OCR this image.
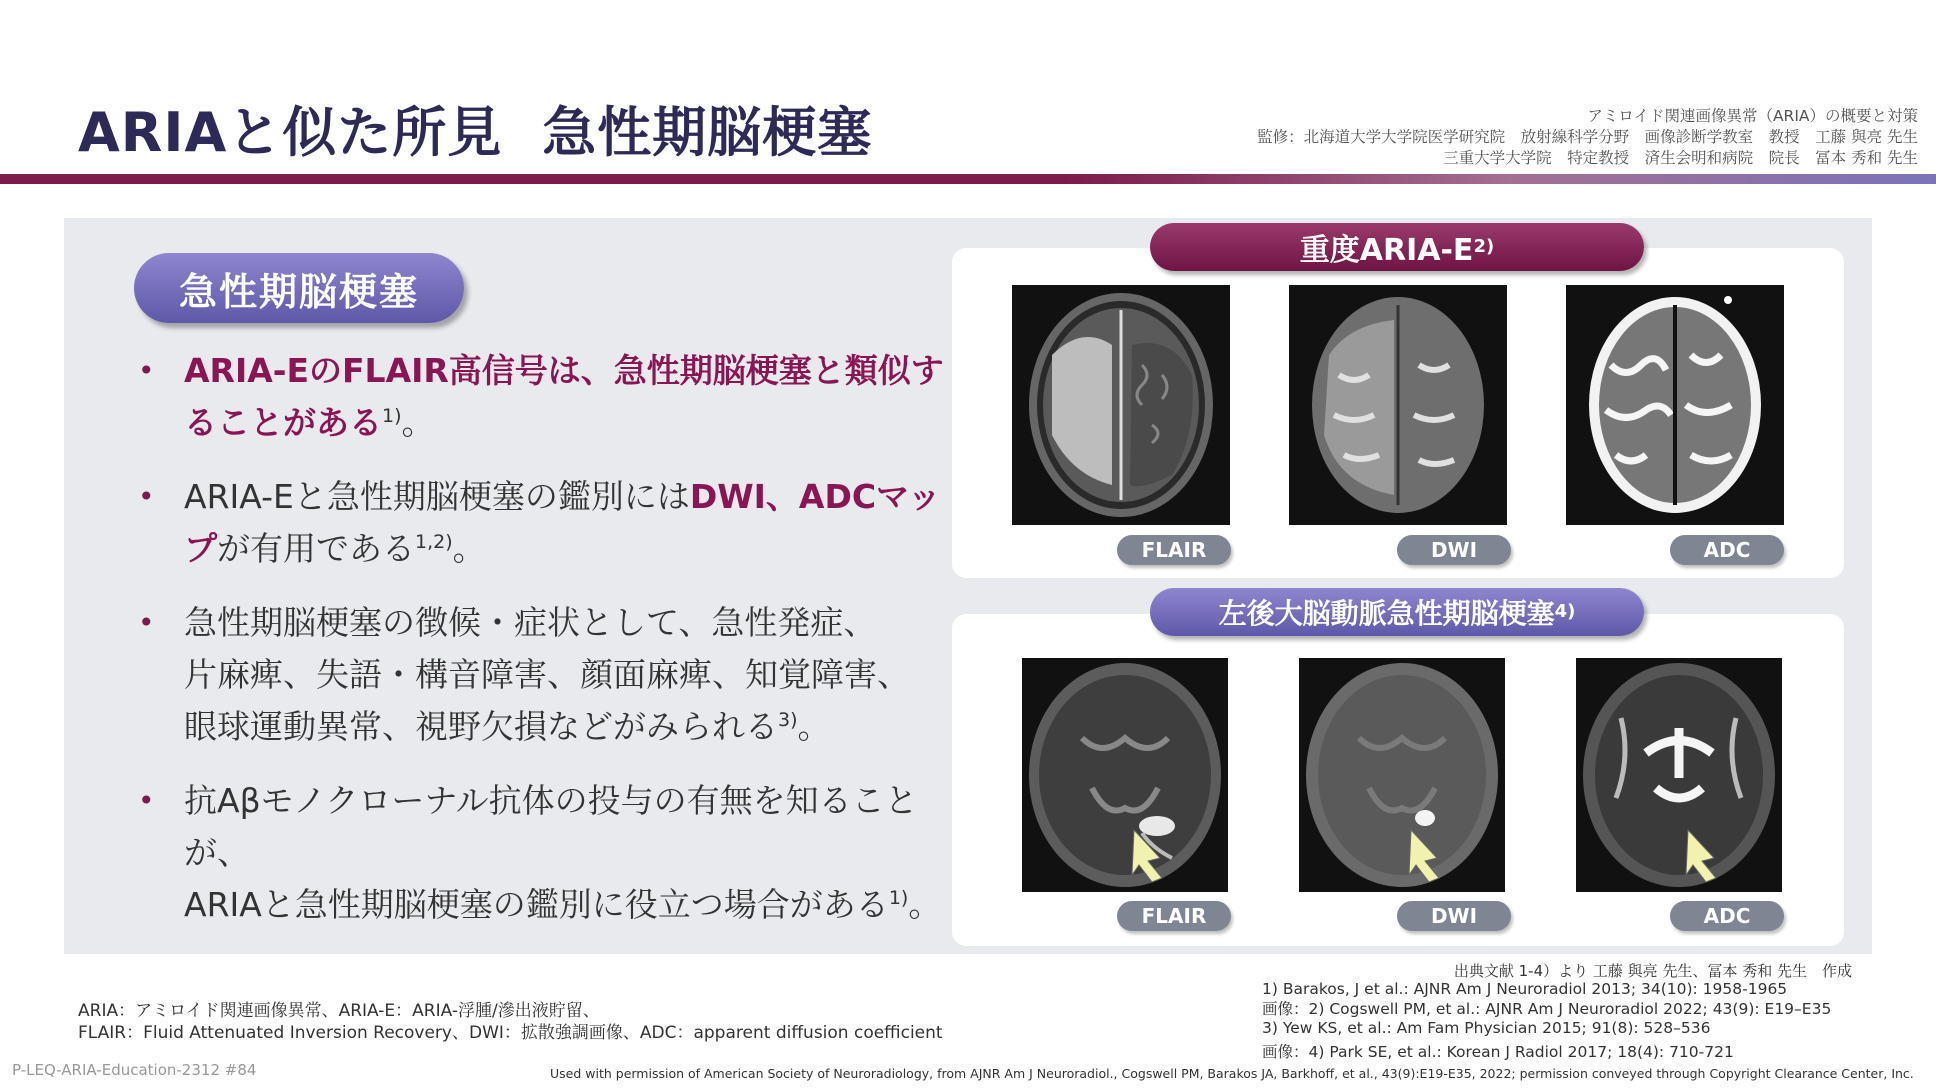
ARIAと似た所見 急性期脳梗塞	アミロイド関連画像異常（ARIA）の概要と対策
監修：北海道大学大学院医学研究院　放射線科学分野　画像診断学教室　教授　工藤 與亮 先生
三重大学大学院　特定教授　済生会明和病院　院長　冨本 秀和 先生
急性期脳梗塞
• ARIA-EのFLAIR高信号は、急性期脳梗塞と類似することがある$^{1)}$。
• ARIA-Eと急性期脳梗塞の鑑別にはDWI、ADCマップが有用である$^{1,2)}$。
• 急性期脳梗塞の徴候・症状として、急性発症、
片麻痺、失語・構音障害、顔面麻痺、知覚障害、
眼球運動異常、視野欠損などがみられる$^{3)}$。
• 抗Aβモノクローナル抗体の投与の有無を知ることが、
ARIAと急性期脳梗塞の鑑別に役立つ場合がある$^{1)}$。
重度ARIA-E 2)
FLAIR	DWI	ADC
左後大脳動脈急性期脳梗塞 4)
FLAIR	DWI	ADC
出典文献 1-4）より 工藤 與亮 先生、冨本 秀和 先生　作成
1) Barakos, J et al.: AJNR Am J Neuroradiol 2013; 34(10): 1958-1965
画像：2) Cogswell PM, et al.: AJNR Am J Neuroradiol 2022; 43(9): E19–E35
3) Yew KS, et al.: Am Fam Physician 2015; 91(8): 528–536
画像：4) Park SE, et al.: Korean J Radiol 2017; 18(4): 710-721
ARIA：アミロイド関連画像異常、ARIA-E：ARIA-浮腫/滲出液貯留、
FLAIR：Fluid Attenuated Inversion Recovery、DWI：拡散強調画像、ADC：apparent diffusion coefficient
P-LEQ-ARIA-Education-2312 #84	Used with permission of American Society of Neuroradiology, from AJNR Am J Neuroradiol., Cogswell PM, Barakos JA, Barkhoff, et al., 43(9):E19-E35, 2022; permission conveyed through Copyright Clearance Center, Inc.
